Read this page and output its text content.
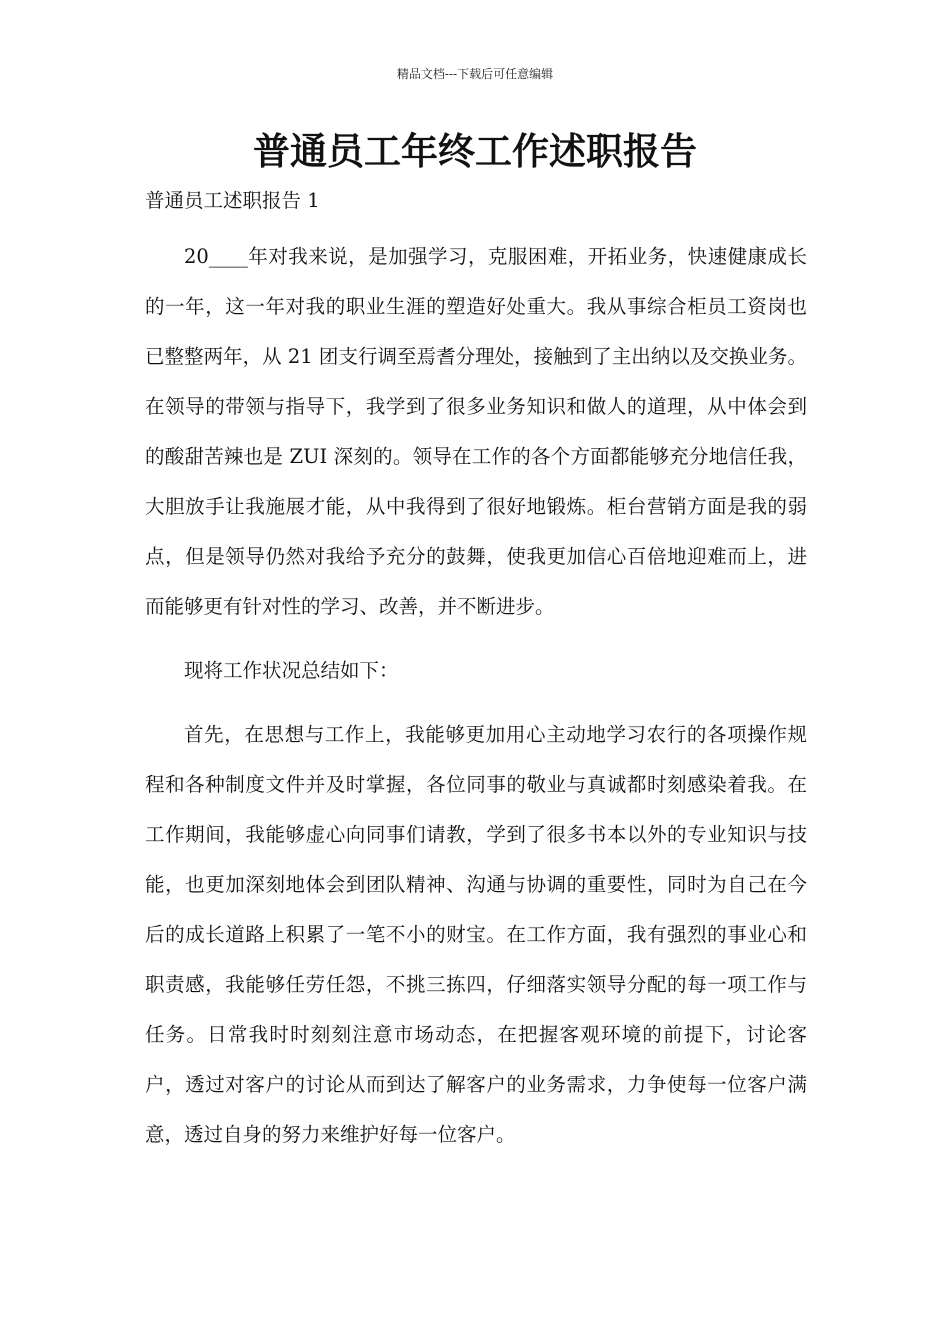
精品文档---下载后可任意编辑
普通员工年终工作述职报告

普通员工述职报告 1

20____年对我来说，是加强学习，克服困难，开拓业务，快速健康成长的一年，这一年对我的职业生涯的塑造好处重大。我从事综合柜员工资岗也已整整两年，从 21 团支行调至焉耆分理处，接触到了主出纳以及交换业务。在领导的带领与指导下，我学到了很多业务知识和做人的道理，从中体会到的酸甜苦辣也是 ZUI 深刻的。领导在工作的各个方面都能够充分地信任我，大胆放手让我施展才能，从中我得到了很好地锻炼。柜台营销方面是我的弱点，但是领导仍然对我给予充分的鼓舞，使我更加信心百倍地迎难而上，进而能够更有针对性的学习、改善，并不断进步。

现将工作状况总结如下：

首先，在思想与工作上，我能够更加用心主动地学习农行的各项操作规程和各种制度文件并及时掌握，各位同事的敬业与真诚都时刻感染着我。在工作期间，我能够虚心向同事们请教，学到了很多书本以外的专业知识与技能，也更加深刻地体会到团队精神、沟通与协调的重要性，同时为自己在今后的成长道路上积累了一笔不小的财宝。在工作方面，我有强烈的事业心和职责感，我能够任劳任怨，不挑三拣四，仔细落实领导分配的每一项工作与任务。日常我时时刻刻注意市场动态，在把握客观环境的前提下，讨论客户，透过对客户的讨论从而到达了解客户的业务需求，力争使每一位客户满意，透过自身的努力来维护好每一位客户。
